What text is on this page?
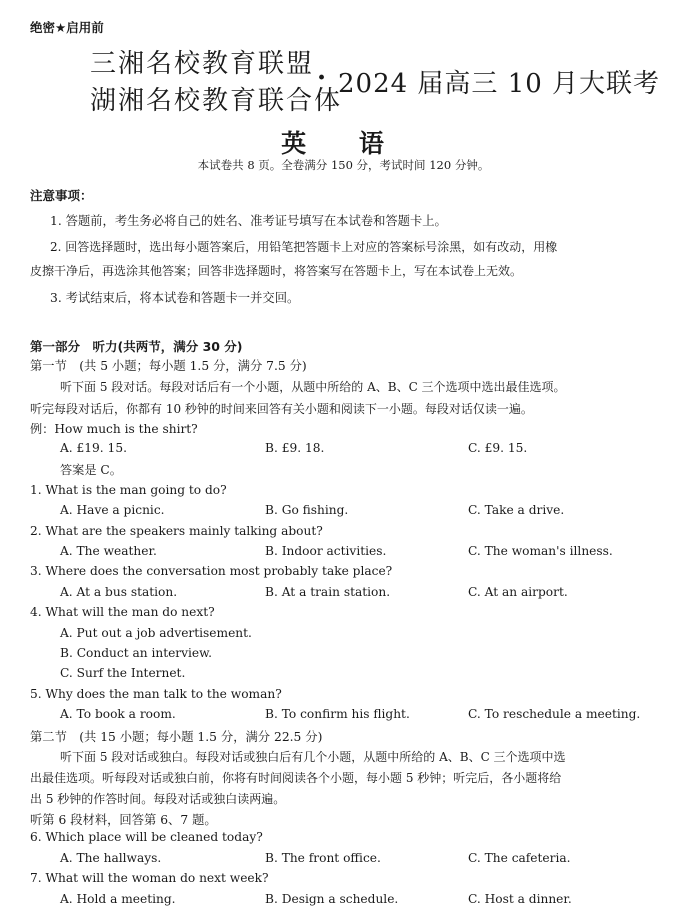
绝密★启用前
三湘名校教育联盟
湖湘名校教育联合体
· 2024 届高三 10 月大联考
英 语
本试卷共 8 页。全卷满分 150 分，考试时间 120 分钟。
注意事项：
1. 答题前，考生务必将自己的姓名、准考证号填写在本试卷和答题卡上。
2. 回答选择题时，选出每小题答案后，用铅笔把答题卡上对应的答案标号涂黑，如有改动，用橡
皮擦干净后，再选涂其他答案；回答非选择题时，将答案写在答题卡上，写在本试卷上无效。
3. 考试结束后，将本试卷和答题卡一并交回。
第一部分　听力(共两节，满分 30 分)
第一节　(共 5 小题；每小题 1.5 分，满分 7.5 分)
听下面 5 段对话。每段对话后有一个小题，从题中所给的 A、B、C 三个选项中选出最佳选项。
听完每段对话后，你都有 10 秒钟的时间来回答有关小题和阅读下一小题。每段对话仅读一遍。
例：How much is the shirt?
A. £19. 15.	B. £9. 18.	C. £9. 15.
答案是 C。
1. What is the man going to do?
A. Have a picnic.	B. Go fishing.	C. Take a drive.
2. What are the speakers mainly talking about?
A. The weather.	B. Indoor activities.	C. The woman's illness.
3. Where does the conversation most probably take place?
A. At a bus station.	B. At a train station.	C. At an airport.
4. What will the man do next?
A. Put out a job advertisement.
B. Conduct an interview.
C. Surf the Internet.
5. Why does the man talk to the woman?
A. To book a room.	B. To confirm his flight.	C. To reschedule a meeting.
第二节　(共 15 小题；每小题 1.5 分，满分 22.5 分)
听下面 5 段对话或独白。每段对话或独白后有几个小题，从题中所给的 A、B、C 三个选项中选
出最佳选项。听每段对话或独白前，你将有时间阅读各个小题，每小题 5 秒钟；听完后，各小题将给
出 5 秒钟的作答时间。每段对话或独白读两遍。
听第 6 段材料，回答第 6、7 题。
6. Which place will be cleaned today?
A. The hallways.	B. The front office.	C. The cafeteria.
7. What will the woman do next week?
A. Hold a meeting.	B. Design a schedule.	C. Host a dinner.
